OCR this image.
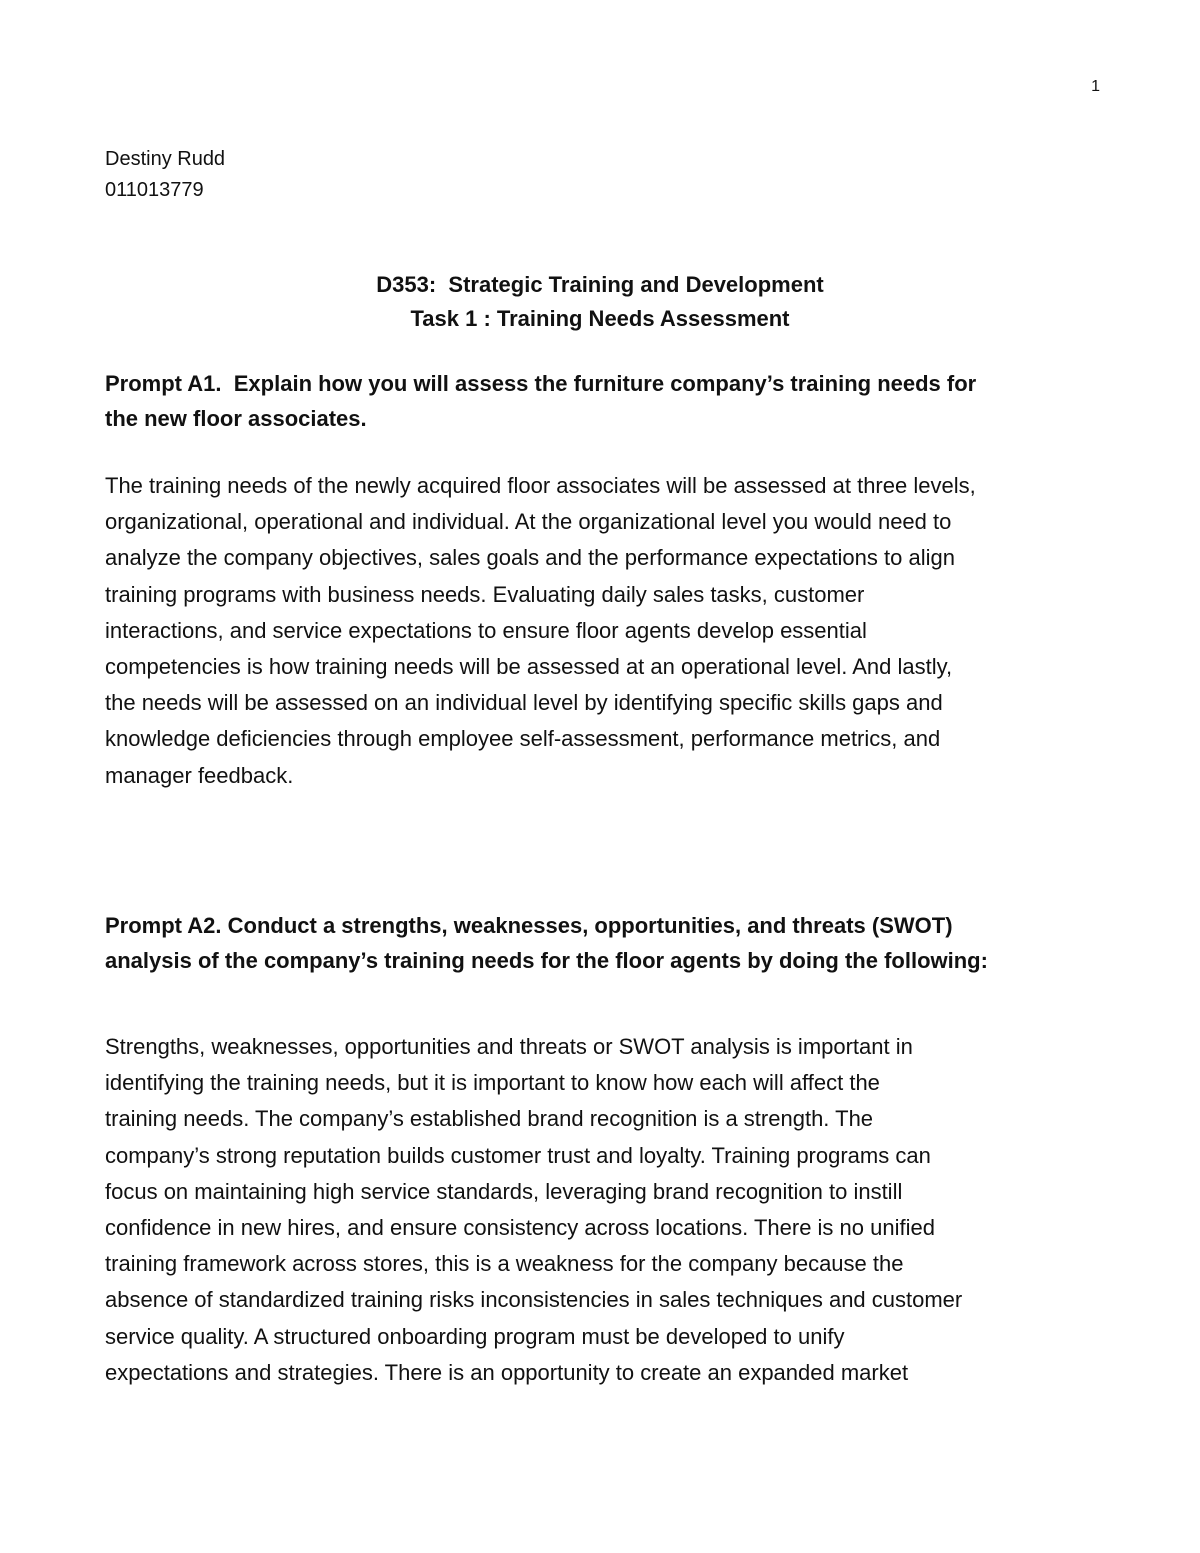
1
Destiny Rudd
011013779
D353:  Strategic Training and Development
Task 1 : Training Needs Assessment
Prompt A1.  Explain how you will assess the furniture company’s training needs for
the new floor associates.
The training needs of the newly acquired floor associates will be assessed at three levels,
organizational, operational and individual. At the organizational level you would need to
analyze the company objectives, sales goals and the performance expectations to align
training programs with business needs. Evaluating daily sales tasks, customer
interactions, and service expectations to ensure floor agents develop essential
competencies is how training needs will be assessed at an operational level. And lastly,
the needs will be assessed on an individual level by identifying specific skills gaps and
knowledge deficiencies through employee self-assessment, performance metrics, and
manager feedback.
Prompt A2. Conduct a strengths, weaknesses, opportunities, and threats (SWOT)
analysis of the company’s training needs for the floor agents by doing the following:
Strengths, weaknesses, opportunities and threats or SWOT analysis is important in
identifying the training needs, but it is important to know how each will affect the
training needs. The company’s established brand recognition is a strength. The
company’s strong reputation builds customer trust and loyalty. Training programs can
focus on maintaining high service standards, leveraging brand recognition to instill
confidence in new hires, and ensure consistency across locations. There is no unified
training framework across stores, this is a weakness for the company because the
absence of standardized training risks inconsistencies in sales techniques and customer
service quality. A structured onboarding program must be developed to unify
expectations and strategies. There is an opportunity to create an expanded market
